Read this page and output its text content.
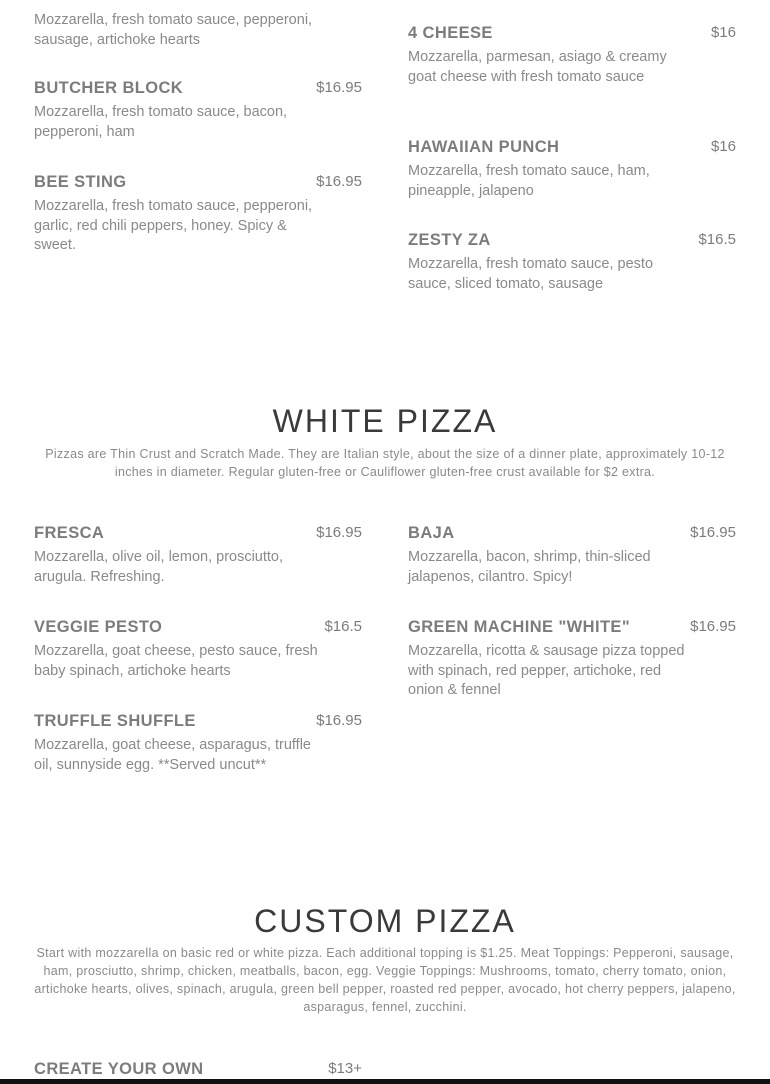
Mozzarella, fresh tomato sauce, pepperoni, sausage, artichoke hearts
BUTCHER BLOCK	$16.95
Mozzarella, fresh tomato sauce, bacon, pepperoni, ham
BEE STING	$16.95
Mozzarella, fresh tomato sauce, pepperoni, garlic, red chili peppers, honey. Spicy & sweet.
4 CHEESE	$16
Mozzarella, parmesan, asiago & creamy goat cheese with fresh tomato sauce
HAWAIIAN PUNCH	$16
Mozzarella, fresh tomato sauce, ham, pineapple, jalapeno
ZESTY ZA	$16.5
Mozzarella, fresh tomato sauce, pesto sauce, sliced tomato, sausage
WHITE PIZZA
Pizzas are Thin Crust and Scratch Made. They are Italian style, about the size of a dinner plate, approximately 10-12 inches in diameter. Regular gluten-free or Cauliflower gluten-free crust available for $2 extra.
FRESCA	$16.95
Mozzarella, olive oil, lemon, prosciutto, arugula. Refreshing.
VEGGIE PESTO	$16.5
Mozzarella, goat cheese, pesto sauce, fresh baby spinach, artichoke hearts
TRUFFLE SHUFFLE	$16.95
Mozzarella, goat cheese, asparagus, truffle oil, sunnyside egg. **Served uncut**
BAJA	$16.95
Mozzarella, bacon, shrimp, thin-sliced jalapenos, cilantro. Spicy!
GREEN MACHINE "WHITE"	$16.95
Mozzarella, ricotta & sausage pizza topped with spinach, red pepper, artichoke, red onion & fennel
CUSTOM PIZZA
Start with mozzarella on basic red or white pizza. Each additional topping is $1.25. Meat Toppings: Pepperoni, sausage, ham, prosciutto, shrimp, chicken, meatballs, bacon, egg. Veggie Toppings: Mushrooms, tomato, cherry tomato, onion, artichoke hearts, olives, spinach, arugula, green bell pepper, roasted red pepper, avocado, hot cherry peppers, jalapeno, asparagus, fennel, zucchini.
CREATE YOUR OWN	$13+
